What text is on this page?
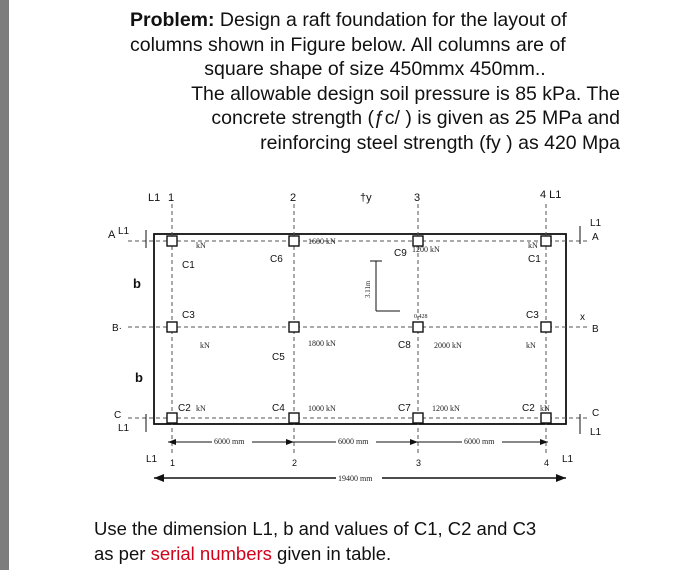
Problem: Design a raft foundation for the layout of
columns shown in Figure below. All columns are of
square shape of size 450mmx 450mm..
The allowable design soil pressure is 85 kPa. The
concrete strength (ƒc/ ) is given as 25 MPa and
reinforcing steel strength (fy ) as 420 Mpa
L1 1	2	†y	3	4 L1
A L1
b
B·
b
C
L1
L1
A
x
B
C
L1
kN
C1
C6
1600 kN
C9 1200 kN	kN
C1
C3
kN
C5
1800 kN	C8	2000 kN
C3
kN
C2 kN	C4	1000 kN	C7	1200 kN	C2 kN
3.11m
0.428
6000 mm	6000 mm	6000 mm
L1 1	2	3	4 L1
19400 mm
Use the dimension L1, b and values of C1, C2 and C3
as per serial numbers given in table.
